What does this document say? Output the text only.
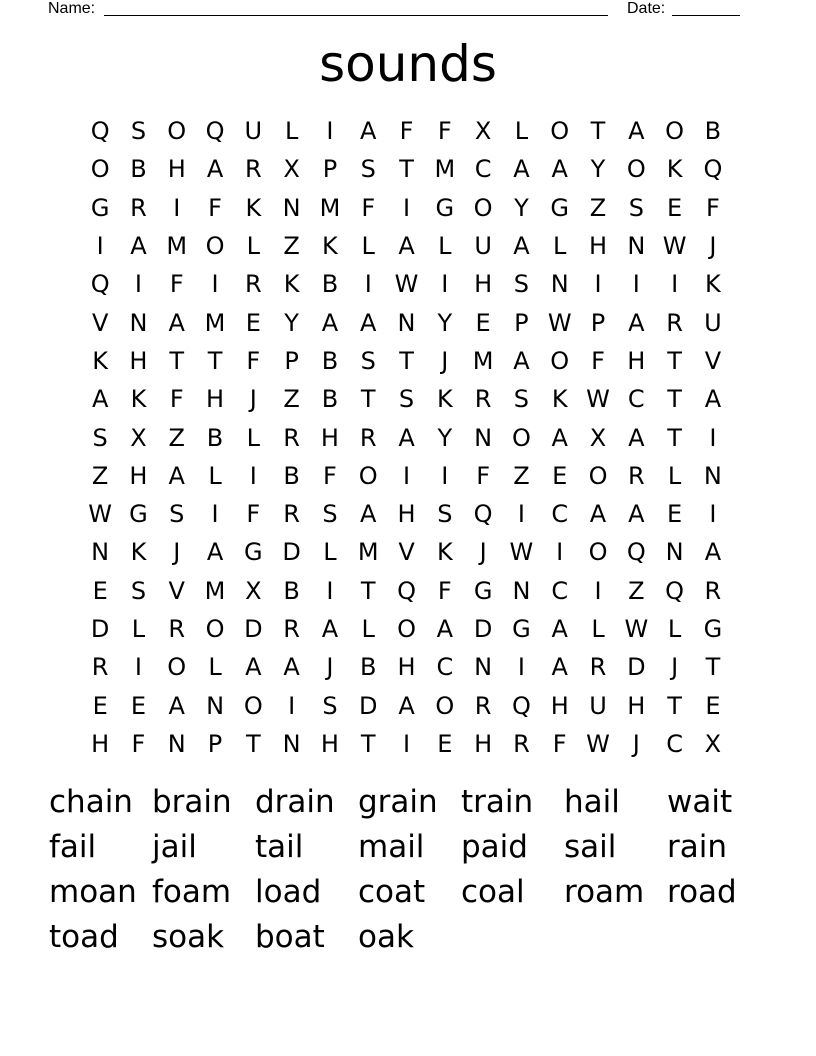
Name:	Date:
sounds
Q S O Q U L	I	A F	F X L O T A O B
O B H A R X P S T M C A A Y O K Q
G R	I	F K N M F	I	G O Y G Z S E F
I	A M O L Z K L A L U A L H N W J
Q	I	F	I	R K B	I W I	H S N	I	I	I	K
V N A M E Y A A N Y E P W P A R U
K H T T	F	P B S T	J	M A O F H T V
A K F H	J	Z B T S K R S K W C T A
S X Z B L R H R A Y N O A X A T	I
Z H A L	I	B F O	I	I	F Z E O R L N
W G S	I	F R S A H S Q	I	C A A E	I
N K	J	A G D L M V K	J W I	O Q N A
E S V M X B	I	T Q F G N C	I	Z Q R
D L R O D R A L O A D G A L W L G
R	I	O L A A	J	B H C N	I	A R D	J	T
E E A N O	I	S D A O R Q H U H T E
H F N P T N H T	I	E H R F W J	C X
chain brain drain grain train hail	wait
fail	jail	tail	mail	paid	sail	rain
moan foam load	coat	coal	roam road
toad	soak boat	oak
